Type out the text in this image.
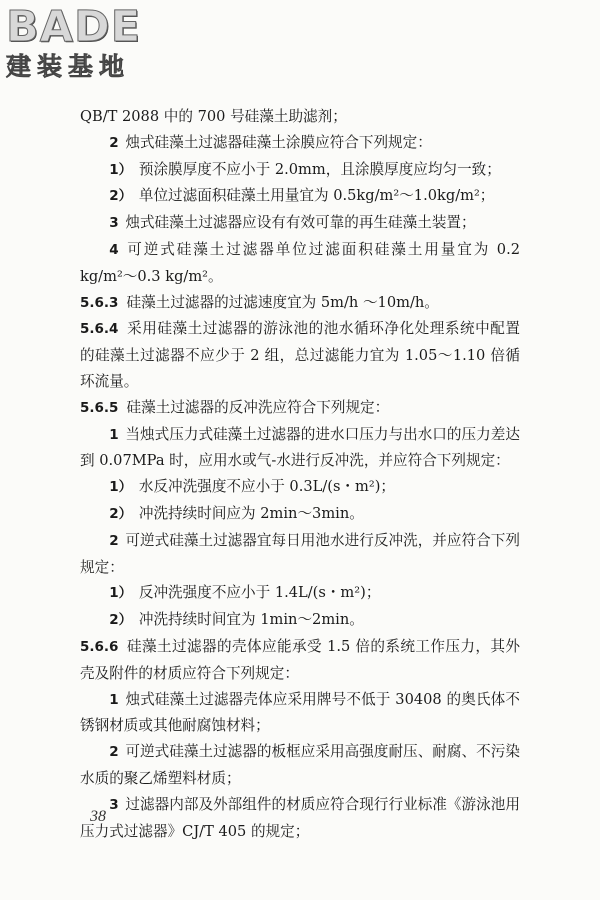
BADE
建装基地

QB/T 2088 中的 700 号硅藻土助滤剂；

2 烛式硅藻土过滤器硅藻土涂膜应符合下列规定：

1） 预涂膜厚度不应小于 2.0mm，且涂膜厚度应均匀一致；

2） 单位过滤面积硅藻土用量宜为 0.5kg/m²～1.0kg/m²；

3 烛式硅藻土过滤器应设有有效可靠的再生硅藻土装置；

4 可逆式硅藻土过滤器单位过滤面积硅藻土用量宜为 0.2 kg/m²～0.3 kg/m²。

5.6.3 硅藻土过滤器的过滤速度宜为 5m/h ～10m/h。

5.6.4 采用硅藻土过滤器的游泳池的池水循环净化处理系统中配置的硅藻土过滤器不应少于 2 组，总过滤能力宜为 1.05～1.10 倍循环流量。

5.6.5 硅藻土过滤器的反冲洗应符合下列规定：

1 当烛式压力式硅藻土过滤器的进水口压力与出水口的压力差达到 0.07MPa 时，应用水或气-水进行反冲洗，并应符合下列规定：

1） 水反冲洗强度不应小于 0.3L/(s・m²)；

2） 冲洗持续时间应为 2min～3min。

2 可逆式硅藻土过滤器宜每日用池水进行反冲洗，并应符合下列规定：

1） 反冲洗强度不应小于 1.4L/(s・m²)；

2） 冲洗持续时间宜为 1min～2min。

5.6.6 硅藻土过滤器的壳体应能承受 1.5 倍的系统工作压力，其外壳及附件的材质应符合下列规定：

1 烛式硅藻土过滤器壳体应采用牌号不低于 30408 的奥氏体不锈钢材质或其他耐腐蚀材料；

2 可逆式硅藻土过滤器的板框应采用高强度耐压、耐腐、不污染水质的聚乙烯塑料材质；

3 过滤器内部及外部组件的材质应符合现行行业标准《游泳池用压力式过滤器》CJ/T 405 的规定；

38
